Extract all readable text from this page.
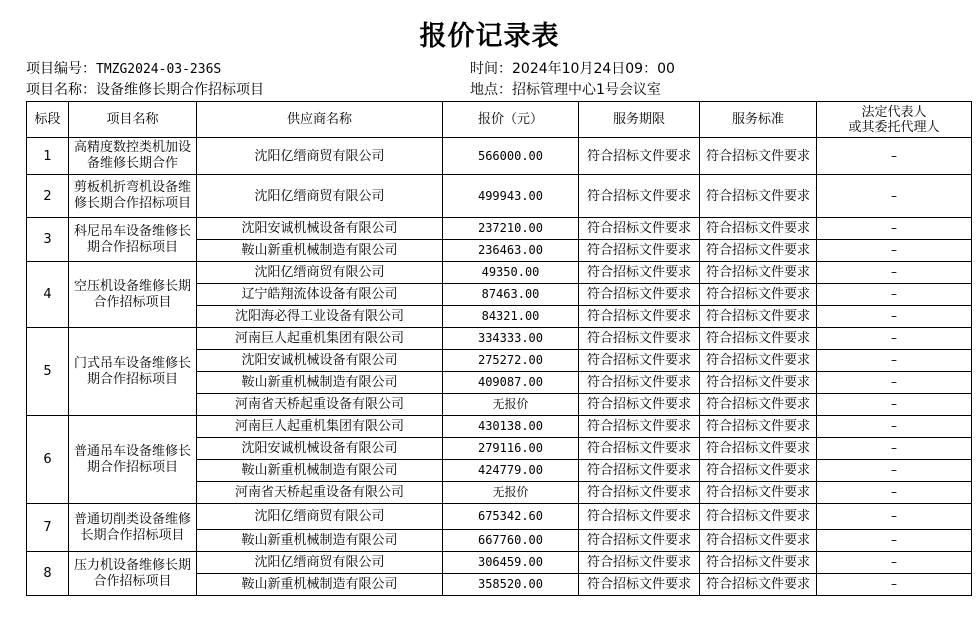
报价记录表
项目编号：TMZG2024-03-236S	时间：2024年10月24日09：00
项目名称：设备维修长期合作招标项目	地点：招标管理中心1号会议室
标段	项目名称	供应商名称	报价（元）	服务期限	服务标准	法定代表人
或其委托代理人
1	高精度数控类机加设备维修长期合作	沈阳亿缙商贸有限公司	566000.00	符合招标文件要求	符合招标文件要求	–
2	剪板机折弯机设备维修长期合作招标项目	沈阳亿缙商贸有限公司	499943.00	符合招标文件要求	符合招标文件要求	–
3	科尼吊车设备维修长期合作招标项目	沈阳安诚机械设备有限公司	237210.00	符合招标文件要求	符合招标文件要求	–
		鞍山新重机械制造有限公司	236463.00	符合招标文件要求	符合招标文件要求	–
4	空压机设备维修长期合作招标项目	沈阳亿缙商贸有限公司	49350.00	符合招标文件要求	符合招标文件要求	–
		辽宁皓翔流体设备有限公司	87463.00	符合招标文件要求	符合招标文件要求	–
		沈阳海必得工业设备有限公司	84321.00	符合招标文件要求	符合招标文件要求	–
5	门式吊车设备维修长期合作招标项目	河南巨人起重机集团有限公司	334333.00	符合招标文件要求	符合招标文件要求	–
		沈阳安诚机械设备有限公司	275272.00	符合招标文件要求	符合招标文件要求	–
		鞍山新重机械制造有限公司	409087.00	符合招标文件要求	符合招标文件要求	–
		河南省天桥起重设备有限公司	无报价	符合招标文件要求	符合招标文件要求	–
6	普通吊车设备维修长期合作招标项目	河南巨人起重机集团有限公司	430138.00	符合招标文件要求	符合招标文件要求	–
		沈阳安诚机械设备有限公司	279116.00	符合招标文件要求	符合招标文件要求	–
		鞍山新重机械制造有限公司	424779.00	符合招标文件要求	符合招标文件要求	–
		河南省天桥起重设备有限公司	无报价	符合招标文件要求	符合招标文件要求	–
7	普通切削类设备维修长期合作招标项目	沈阳亿缙商贸有限公司	675342.60	符合招标文件要求	符合招标文件要求	–
		鞍山新重机械制造有限公司	667760.00	符合招标文件要求	符合招标文件要求	–
8	压力机设备维修长期合作招标项目	沈阳亿缙商贸有限公司	306459.00	符合招标文件要求	符合招标文件要求	–
		鞍山新重机械制造有限公司	358520.00	符合招标文件要求	符合招标文件要求	–
